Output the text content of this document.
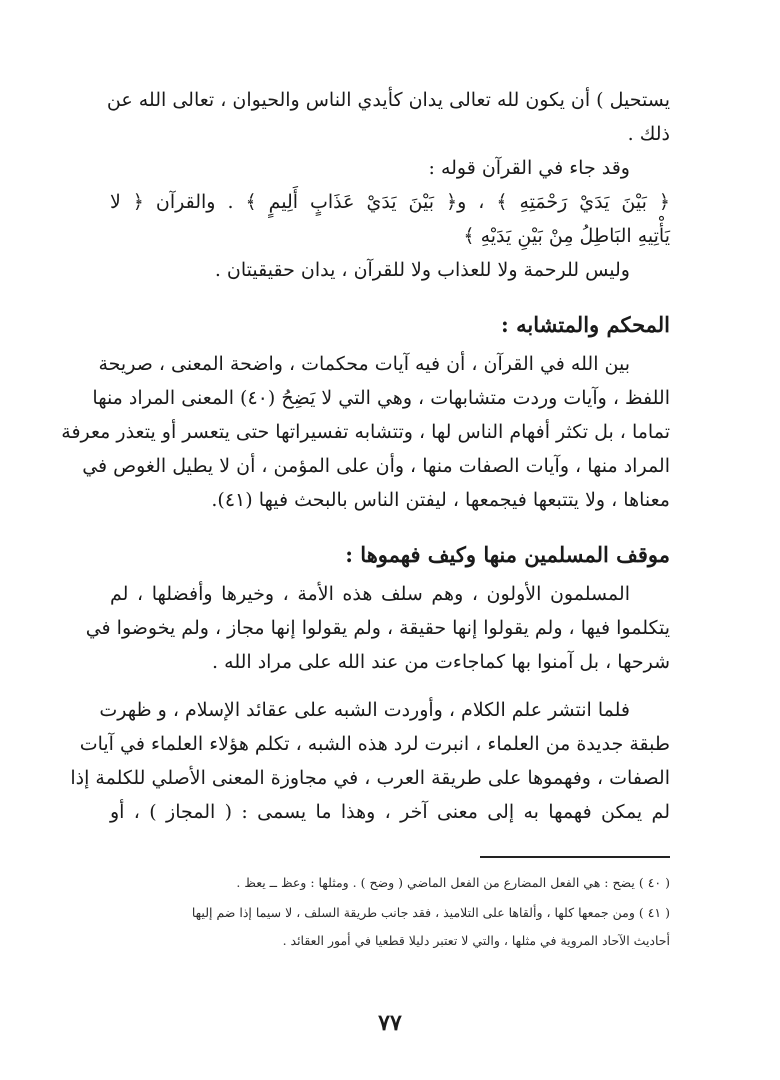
يستحيل ) أن يكون لله تعالى يدان كأيدي الناس والحيوان ، تعالى الله عن
ذلك .
وقد جاء في القرآن قوله :
﴿ بَيْنَ يَدَيْ رَحْمَتِهِ ﴾ ، و﴿ بَيْنَ يَدَيْ عَذَابٍ أَلِيمٍ ﴾ . والقرآن ﴿ لا
يَأْتِيهِ البَاطِلُ مِنْ بَيْنِ يَدَيْهِ ﴾
وليس للرحمة ولا للعذاب ولا للقرآن ، يدان حقيقيتان .
المحكم والمتشابه :
بين الله في القرآن ، أن فيه آيات محكمات ، واضحة المعنى ، صريحة
اللفظ ، وآيات وردت متشابهات ، وهي التي لا يَضِحُ (٤٠) المعنى المراد منها
تماما ، بل تكثر أفهام الناس لها ، وتتشابه تفسيراتها حتى يتعسر أو يتعذر معرفة
المراد منها ، وآيات الصفات منها ، وأن على المؤمن ، أن لا يطيل الغوص في
معناها ، ولا يتتبعها فيجمعها ، ليفتن الناس بالبحث فيها (٤١).
موقف المسلمين منها وكيف فهموها :
المسلمون الأولون ، وهم سلف هذه الأمة ، وخيرها وأفضلها ، لم
يتكلموا فيها ، ولم يقولوا إنها حقيقة ، ولم يقولوا إنها مجاز ، ولم يخوضوا في
شرحها ، بل آمنوا بها كماجاءت من عند الله على مراد الله .
فلما انتشر علم الكلام ، وأوردت الشبه على عقائد الإسلام ، و ظهرت
طبقة جديدة من العلماء ، انبرت لرد هذه الشبه ، تكلم هؤلاء العلماء في آيات
الصفات ، وفهموها على طريقة العرب ، في مجاوزة المعنى الأصلي للكلمة إذا
لم يمكن فهمها به إلى معنى آخر ، وهذا ما يسمى : ( المجاز ) ، أو
( ٤٠ ) يضح : هي الفعل المضارع من الفعل الماضي ( وضح ) . ومثلها : وعظ ــ يعظ .
( ٤١ ) ومن جمعها كلها ، وألقاها على التلاميذ ، فقد جانب طريقة السلف ، لا سيما إذا ضم إليها
أحاديث الآحاد المروية في مثلها ، والتي لا تعتبر دليلا قطعيا في أمور العقائد .
٧٧
